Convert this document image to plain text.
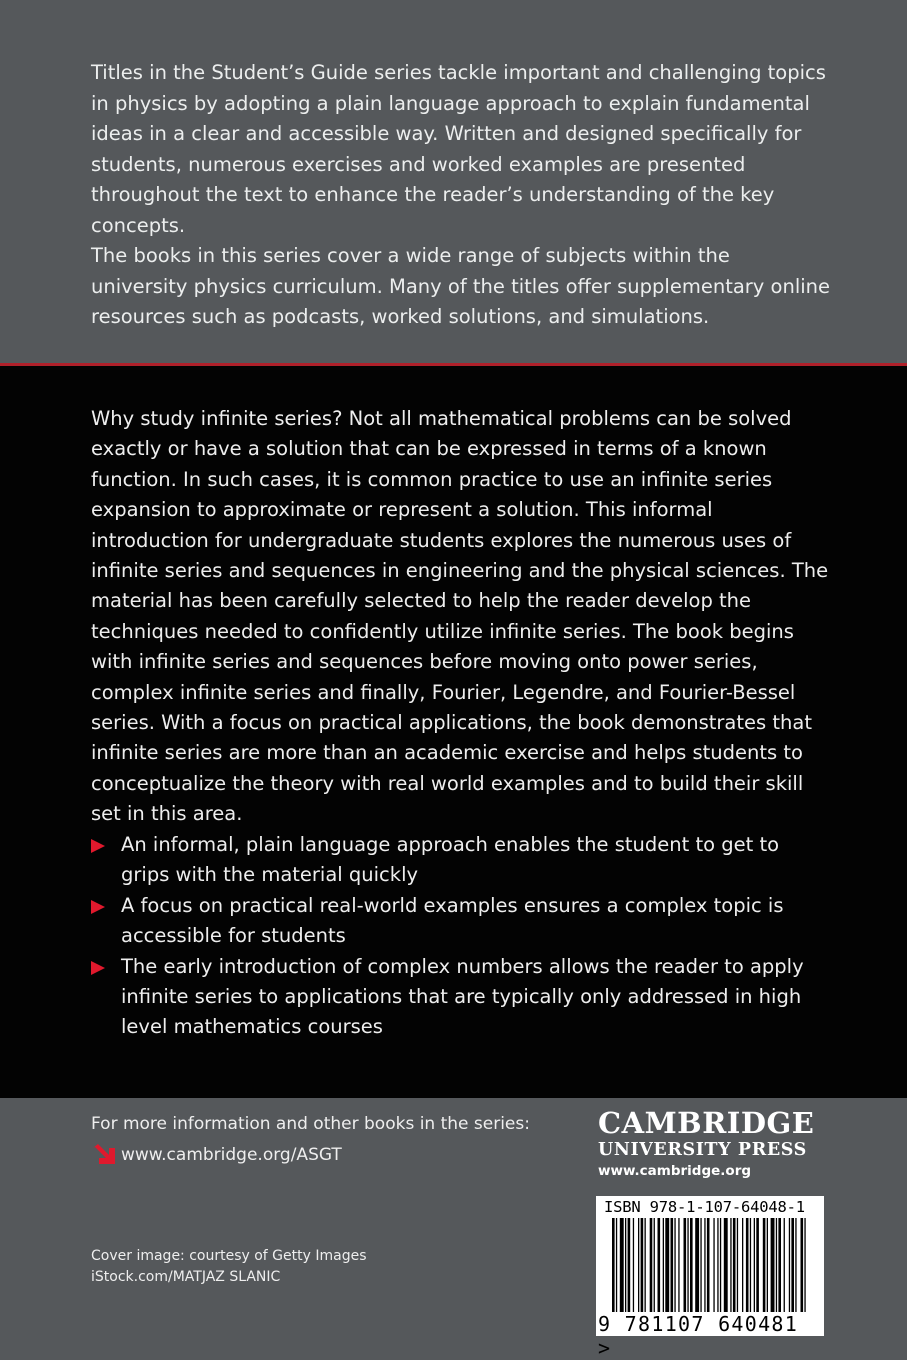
Titles in the Student’s Guide series tackle important and challenging topics in physics by adopting a plain language approach to explain fundamental ideas in a clear and accessible way. Written and designed specifically for students, numerous exercises and worked examples are presented throughout the text to enhance the reader’s understanding of the key concepts.

The books in this series cover a wide range of subjects within the university physics curriculum. Many of the titles offer supplementary online resources such as podcasts, worked solutions, and simulations.

Why study infinite series? Not all mathematical problems can be solved exactly or have a solution that can be expressed in terms of a known function. In such cases, it is common practice to use an infinite series expansion to approximate or represent a solution. This informal introduction for undergraduate students explores the numerous uses of infinite series and sequences in engineering and the physical sciences. The material has been carefully selected to help the reader develop the techniques needed to confidently utilize infinite series. The book begins with infinite series and sequences before moving onto power series, complex infinite series and finally, Fourier, Legendre, and Fourier-Bessel series. With a focus on practical applications, the book demonstrates that infinite series are more than an academic exercise and helps students to conceptualize the theory with real world examples and to build their skill set in this area.

An informal, plain language approach enables the student to get to grips with the material quickly
A focus on practical real-world examples ensures a complex topic is accessible for students
The early introduction of complex numbers allows the reader to apply infinite series to applications that are typically only addressed in high level mathematics courses

For more information and other books in the series:

www.cambridge.org/ASGT

Cover image: courtesy of Getty Images

iStock.com/MATJAZ SLANIC

CAMBRIDGE
UNIVERSITY PRESS
www.cambridge.org
ISBN 978-1-107-64048-1
9 781107 640481 >
